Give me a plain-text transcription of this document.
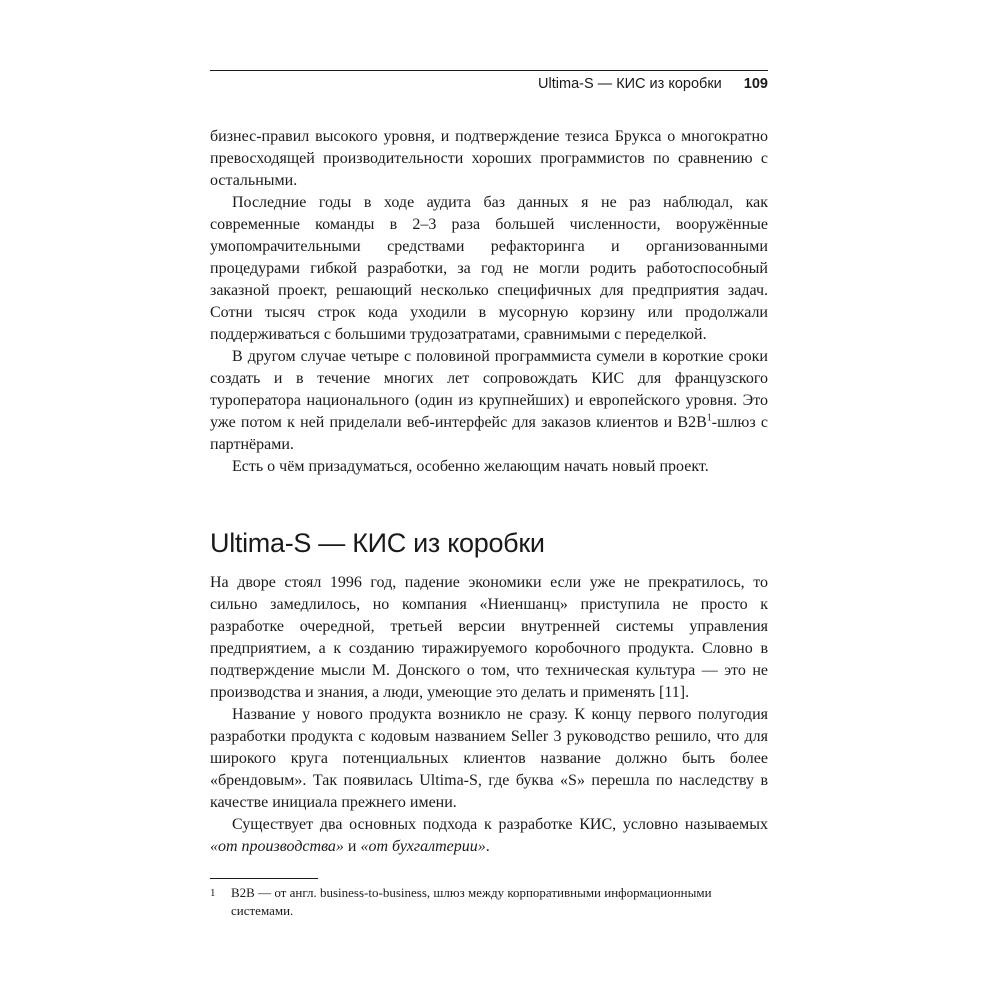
Ultima-S — КИС из коробки 109

бизнес-правил высокого уровня, и подтверждение тезиса Брукса о многократно превосходящей производительности хороших программистов по сравнению с остальными.

Последние годы в ходе аудита баз данных я не раз наблюдал, как современные команды в 2–3 раза большей численности, вооружённые умопомрачительными средствами рефакторинга и организованными процедурами гибкой разработки, за год не могли родить работоспособный заказной проект, решающий несколько специфичных для предприятия задач. Сотни тысяч строк кода уходили в мусорную корзину или продолжали поддерживаться с большими трудозатратами, сравнимыми с переделкой.

В другом случае четыре с половиной программиста сумели в короткие сроки создать и в течение многих лет сопровождать КИС для французского туроператора национального (один из крупнейших) и европейского уровня. Это уже потом к ней приделали веб-интерфейс для заказов клиентов и $B2B^1$-шлюз с партнёрами.

Есть о чём призадуматься, особенно желающим начать новый проект.

Ultima-S — КИС из коробки

На дворе стоял 1996 год, падение экономики если уже не прекратилось, то сильно замедлилось, но компания «Ниеншанц» приступила не просто к разработке очередной, третьей версии внутренней системы управления предприятием, а к созданию тиражируемого коробочного продукта. Словно в подтверждение мысли М. Донского о том, что техническая культура — это не производства и знания, а люди, умеющие это делать и применять [11].

Название у нового продукта возникло не сразу. К концу первого полугодия разработки продукта с кодовым названием Seller 3 руководство решило, что для широкого круга потенциальных клиентов название должно быть более «брендовым». Так появилась Ultima-S, где буква «S» перешла по наследству в качестве инициала прежнего имени.

Существует два основных подхода к разработке КИС, условно называемых «от производства» и «от бухгалтерии».

1 B2B — от англ. business-to-business, шлюз между корпоративными информационными системами.
